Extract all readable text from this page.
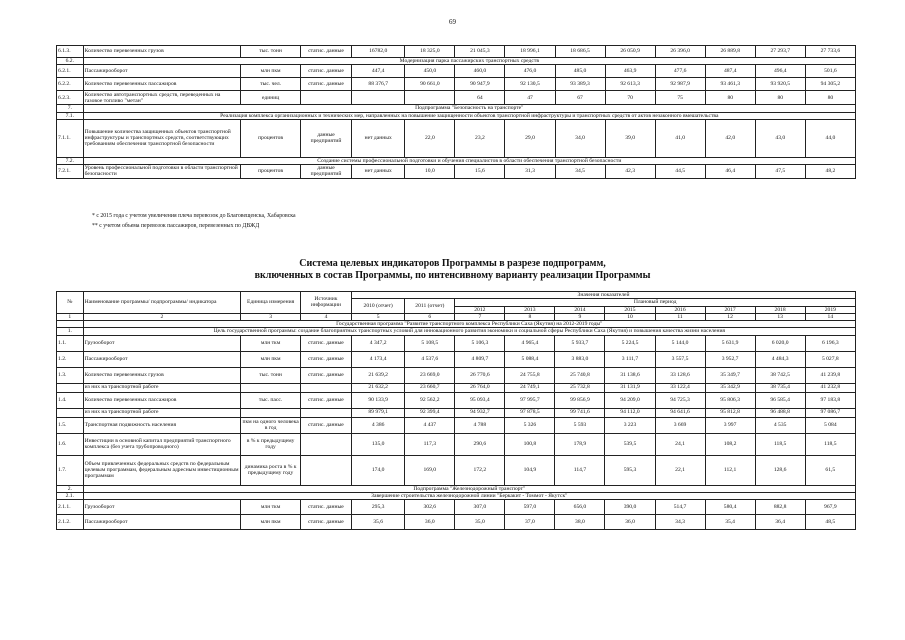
69
6.1.3.	Количество перевезенных грузов	тыс. тонн	статис. данные	16782,0	18 325,0	21 045,3	18 996,1	18 686,5	26 050,9	26 396,0	26 889,8	27 293,7	27 733,6
6.2.	Модернизация парка пассажирских транспортных средств												
6.2.1.	Пассажирооборот	млн пкм	статис. данные	447,4	450,0	460,0	476,0	485,0	463,9	477,6	487,4	496,4	501,6
6.2.2.	Количество перевезенных пассажиров	тыс. чел.	статис. данные	88 376,7	90 661,0	90 947,9	92 130,5	93 389,3	92 613,3	92 987,9	93 461,3	93 920,5	94 305,2
6.2.3.	Количество автотранспортных средств, переведенных на газовое топливо "метан"	единиц				64	47	67	70	75	80	80	80
7.	Подпрограмма "Безопасность на транспорте"												
7.1.	Реализация комплекса организационных и технических мер, направленных на повышение защищенности объектов транспортной инфраструктуры и транспортных средств от актов незаконного вмешательства												
7.1.1.	Повышение количества защищенных объектов транспортной инфраструктуры и транспортных средств, соответствующих требованиям обеспечения транспортной безопасности	процентов	данные предприятий	нет данных	22,0	23,2	29,0	34,0	39,0	41,0	42,0	43,0	44,0
7.2.	Создание системы профессиональной подготовки и обучения специалистов в области обеспечения транспортной безопасности												
7.2.1.	Уровень профессиональной подготовки в области транспортной безопасности	процентов	данные предприятий	нет данных	10,0	15,6	31,3	34,5	42,3	44,5	46,4	47,5	48,2
* с 2015 года с учетом увеличения плеча перевозок до Благовещенска, Хабаровска
** с учетом объема перевозок пассажиров, перевезенных по ДВЖД
Система целевых индикаторов Программы в разрезе подпрограмм,
включенных в состав Программы, по интенсивному варианту реализации Программы
№	Наименование программы/ подпрограммы/ индикатора	Единица измерения	Источник информации	Значения показателей									
				2010 (отчет)	2011 (отчет)	Плановый период							
						2012	2013	2014	2015	2016	2017	2018	2019
1	2	3	4	5	6	7	8	9	10	11	12	13	14
	Государственная программа "Развитие транспортного комплекса Республики Саха (Якутия) на 2012-2019 годы"												
1.	Цель государственной программы: создание благоприятных транспортных условий для инновационного развития экономики и социальной сферы Республики Саха (Якутия) и повышения качества жизни населения												
1.1.	Грузооборот	млн ткм	статис. данные	4 347,2	5 108,5	5 106,3	4 965,4	5 933,7	5 224,5	5 144,0	5 631,9	6 020,0	6 196,3
1.2.	Пассажирооборот	млн пкм	статис. данные	4 173,4	4 537,6	4 809,7	5 088,4	3 883,0	3 111,7	3 557,5	3 952,7	4 484,3	5 027,8
1.3.	Количество перевезенных грузов	тыс. тонн	статис. данные	21 639,2	23 669,0	26 770,6	24 755,8	25 740,8	31 138,6	33 128,6	35 349,7	38 742,5	41 239,8
	из них на транспортной работе			21 632,2	23 660,7	26 764,0	24 749,1	25 732,8	31 131,9	33 122,4	35 342,9	38 735,4	41 232,8
1.4.	Количество перевезенных пассажиров	тыс. пасс.	статис. данные	90 133,9	92 562,2	95 093,4	97 995,7	99 856,9	94 209,0	94 725,3	95 806,3	96 585,4	97 183,8
	из них на транспортной работе			89 979,1	92 399,4	94 932,7	97 878,5	99 741,6	94 112,0	94 641,6	95 812,8	96 488,8	97 086,7
1.5.	Транспортная подвижность населения	пкм на одного человека в год	статис. данные	4 386	4 437	4 788	5 326	5 593	3 223	3 669	3 997	4 535	5 084
1.6.	Инвестиции в основной капитал предприятий транспортного комплекса (без учета трубопроводного)	в % к предыдущему году		135,0	117,3	290,6	100,8	178,9	539,5	24,1	108,2	118,5	118,5
1.7.	Объем привлеченных федеральных средств по федеральным целевым программам, федеральным адресным инвестиционным программам	динамика роста в % к предыдущему году		174,0	169,0	172,2	104,9	114,7	595,3	22,1	112,1	128,6	61,5
2.	Подпрограмма "Железнодорожный транспорт"												
2.1.	Завершение строительства железнодорожной линии "Беркакит - Томмот - Якутск"												
2.1.1.	Грузооборот	млн ткм	статис. данные	295,3	302,6	307,0	597,0	656,0	390,0	514,7	580,4	882,8	967,9
2.1.2.	Пассажирооборот	млн пкм	статис. данные	35,6	36,0	35,0	37,0	38,0	36,0	34,3	35,4	36,4	48,5
